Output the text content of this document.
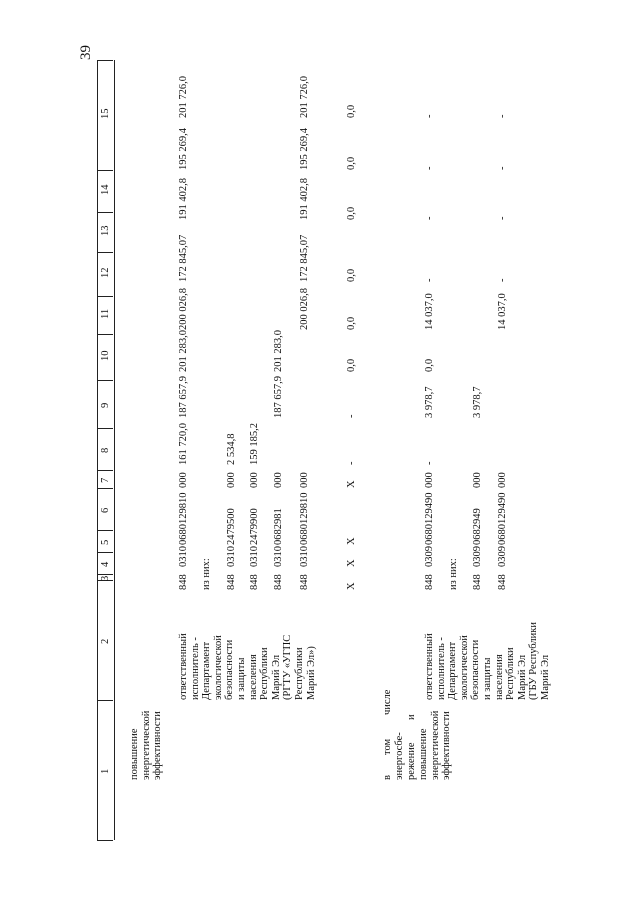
39
1
2
3
4
5
6
7
8
9
10
11
12
13
14
15
повышение
энергетической
эффективности
ответственный
исполнитель -
Департамент
экологической
безопасности
и защиты
населения
Республики
Марий Эл
(РГТУ «УГПС
Республики
Марий Эл»)
848
0310
0680129810
000
161 720,0
187 657,9
201 283,0
200 026,8
172 845,07
191 402,8
195 269,4
201 726,0
из них: 848
0310
2479500
000
2 534,8
848
0310
2479900
000
159 185,2
848
0310
0682981
000
187 657,9
201 283,0
848
0310
0680129810
000
200 026,8
172 845,07
191 402,8
195 269,4
201 726,0
в
том
числе
энергосбе- режение
и
повышение
энергетической
эффективности
X
X
X
X
-
-
0,0
0,0
0,0
0,0
0,0
0,0
ответственный
исполнитель -
Департамент
экологической
безопасности
и защиты
населения
Республики
Марий Эл
(ГБУ Республики
Марий Эл
848
0309
0680129490
000
-
3 978,7
0,0
14 037,0
-
-
-
-
из них: 848
0309
0682949
000
3 978,7
848
0309
0680129490
000
14 037,0
-
-
-
-
